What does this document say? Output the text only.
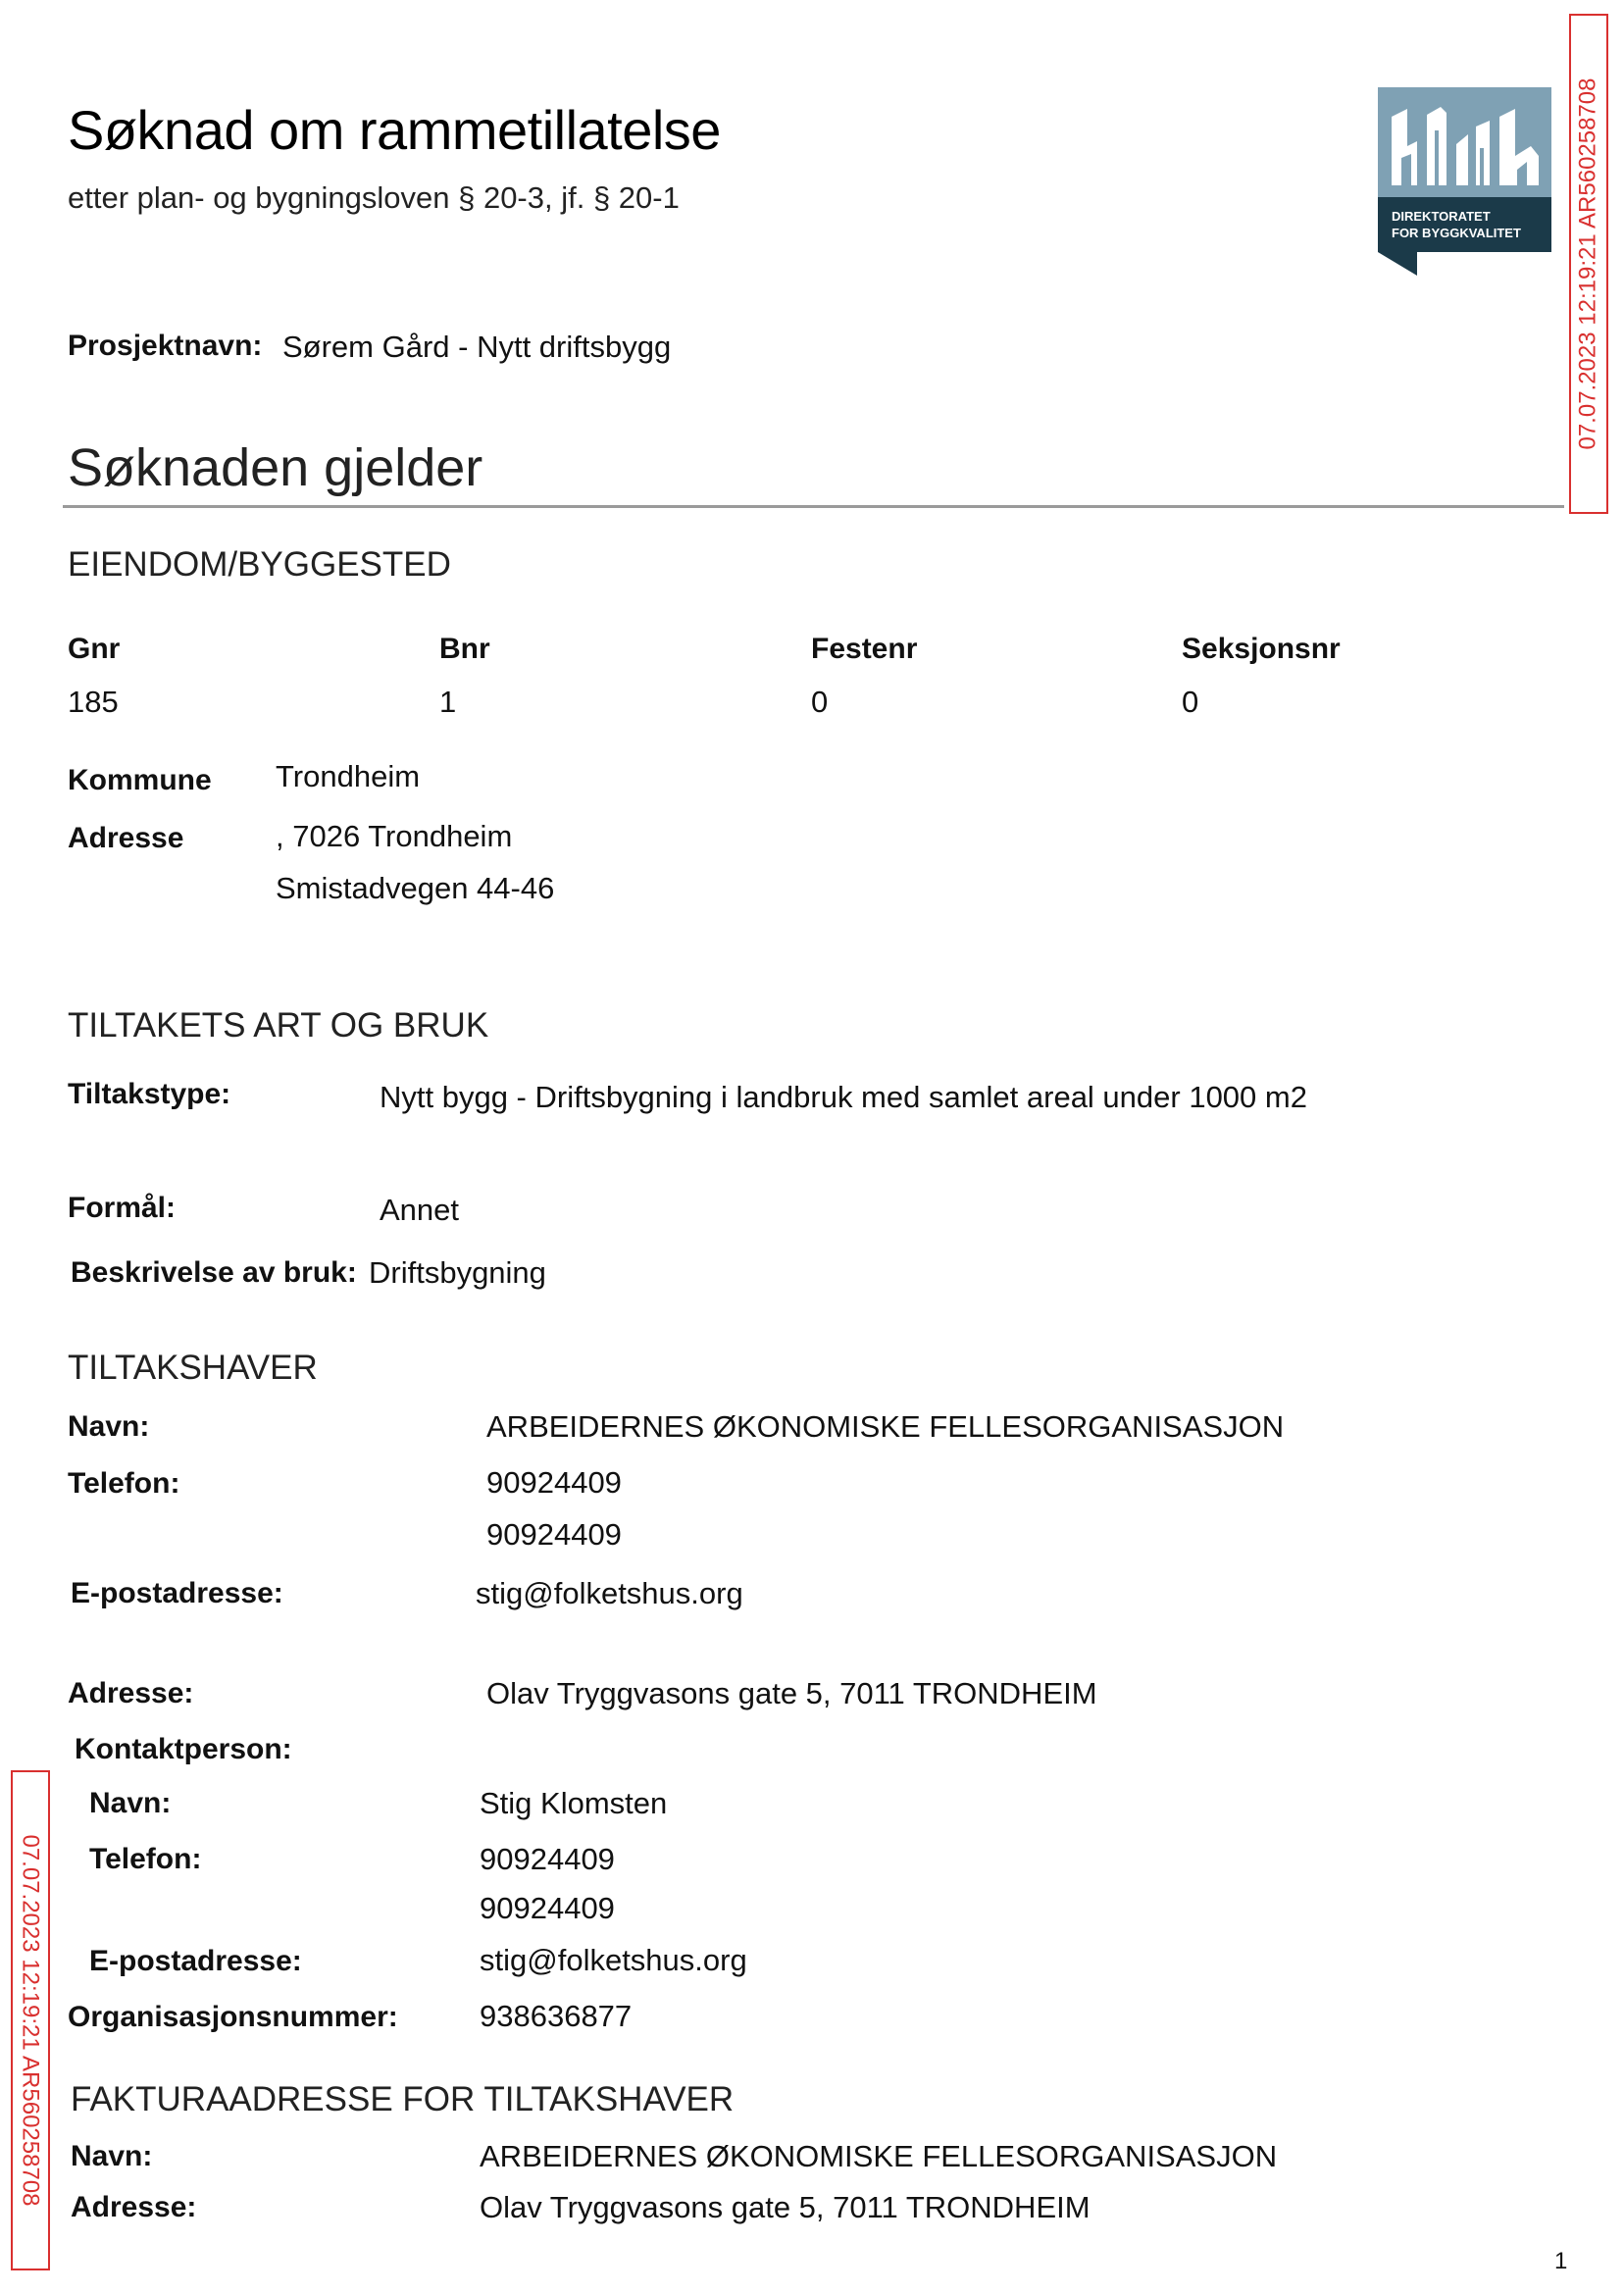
Søknad om rammetillatelse
etter plan- og bygningsloven § 20-3, jf. § 20-1
DIREKTORATET
FOR BYGGKVALITET 07.07.2023 12:19:21 AR560258708
Prosjektnavn: Sørem Gård - Nytt driftsbygg
Søknaden gjelder
EIENDOM/BYGGESTED
Gnr	Bnr	Festenr	Seksjonsnr
185	1	0	0
Kommune Trondheim
Adresse	, 7026 Trondheim
Smistadvegen 44-46
TILTAKETS ART OG BRUK
Tiltakstype:	Nytt bygg - Driftsbygning i landbruk med samlet areal under 1000 m2
Formål:	Annet
Beskrivelse av bruk: Driftsbygning
TILTAKSHAVER
Navn:	ARBEIDERNES ØKONOMISKE FELLESORGANISASJON
Telefon:	90924409
90924409
E-postadresse:	stig@folketshus.org
Adresse:	Olav Tryggvasons gate 5, 7011 TRONDHEIM
Kontaktperson:
Navn:	Stig Klomsten
Telefon:	90924409
90924409
E-postadresse:	stig@folketshus.org
Organisasjonsnummer:	938636877
FAKTURAADRESSE FOR TILTAKSHAVER
Navn:	ARBEIDERNES ØKONOMISKE FELLESORGANISASJON
Adresse:	Olav Tryggvasons gate 5, 7011 TRONDHEIM
07.07.2023 12:19:21 AR560258708
1
